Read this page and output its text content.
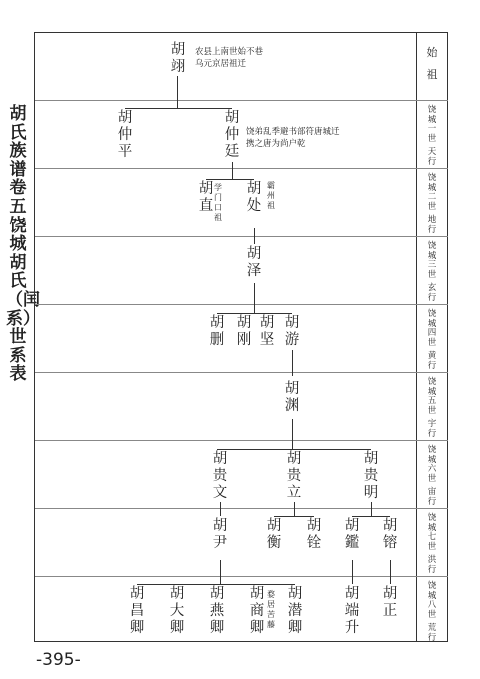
胡氏族谱　卷五　饶城胡氏（闰系）世系表
始祖
饶城一世
天行
饶城二世
地行
饶城三世
玄行
饶城四世
黄行
饶城五世
宇行
饶城六世
宙行
饶城七世
洪行
饶城八世
荒行
胡翊
农县上南世始不巷乌元京居祖迁
胡仲平
胡仲廷
饶弟乱季避书部符唐城迁携之唐为尚户乾
胡直
学门口祖
胡处
霸州祖
胡泽
胡删
胡刚
胡坚
胡游
胡渊
胡贵文
胡贵立
胡贵明
胡尹
胡衡
胡铨
胡鑑
胡镕
胡昌卿
胡大卿
胡燕卿
胡商卿
婺居苦藤
胡潜卿
胡端升
胡正
-395-
